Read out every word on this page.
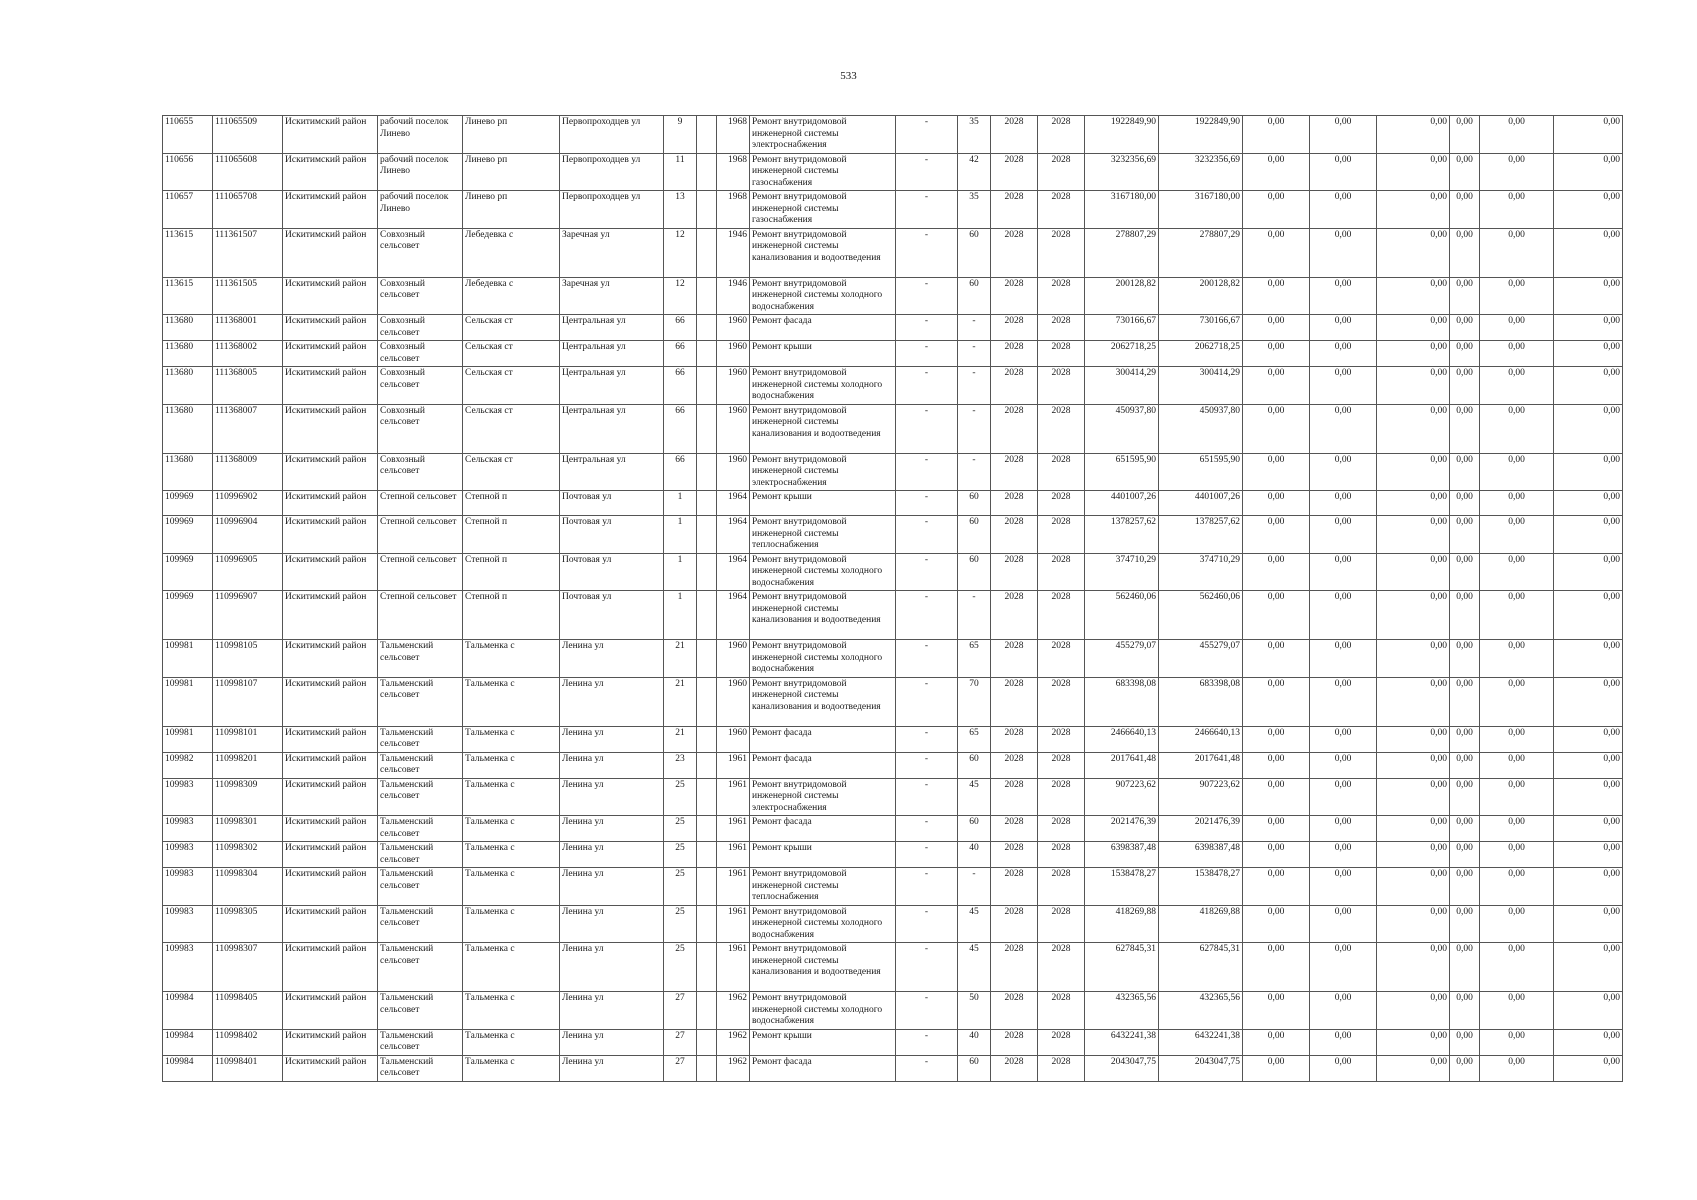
533
110655	111065509	Искитимский район	рабочий поселок Линево	Линево рп	Первопроходцев ул	9		1968	Ремонт внутридомовой инженерной системы электроснабжения	-	35	2028	2028	1922849,90	1922849,90	0,00	0,00	0,00	0,00	0,00	0,00
110656	111065608	Искитимский район	рабочий поселок Линево	Линево рп	Первопроходцев ул	11		1968	Ремонт внутридомовой инженерной системы газоснабжения	-	42	2028	2028	3232356,69	3232356,69	0,00	0,00	0,00	0,00	0,00	0,00
110657	111065708	Искитимский район	рабочий поселок Линево	Линево рп	Первопроходцев ул	13		1968	Ремонт внутридомовой инженерной системы газоснабжения	-	35	2028	2028	3167180,00	3167180,00	0,00	0,00	0,00	0,00	0,00	0,00
113615	111361507	Искитимский район	Совхозный сельсовет	Лебедевка с	Заречная ул	12		1946	Ремонт внутридомовой инженерной системы канализования и водоотведения	-	60	2028	2028	278807,29	278807,29	0,00	0,00	0,00	0,00	0,00	0,00
113615	111361505	Искитимский район	Совхозный сельсовет	Лебедевка с	Заречная ул	12		1946	Ремонт внутридомовой инженерной системы холодного водоснабжения	-	60	2028	2028	200128,82	200128,82	0,00	0,00	0,00	0,00	0,00	0,00
113680	111368001	Искитимский район	Совхозный сельсовет	Сельская ст	Центральная ул	66		1960	Ремонт фасада	-	-	2028	2028	730166,67	730166,67	0,00	0,00	0,00	0,00	0,00	0,00
113680	111368002	Искитимский район	Совхозный сельсовет	Сельская ст	Центральная ул	66		1960	Ремонт крыши	-	-	2028	2028	2062718,25	2062718,25	0,00	0,00	0,00	0,00	0,00	0,00
113680	111368005	Искитимский район	Совхозный сельсовет	Сельская ст	Центральная ул	66		1960	Ремонт внутридомовой инженерной системы холодного водоснабжения	-	-	2028	2028	300414,29	300414,29	0,00	0,00	0,00	0,00	0,00	0,00
113680	111368007	Искитимский район	Совхозный сельсовет	Сельская ст	Центральная ул	66		1960	Ремонт внутридомовой инженерной системы канализования и водоотведения	-	-	2028	2028	450937,80	450937,80	0,00	0,00	0,00	0,00	0,00	0,00
113680	111368009	Искитимский район	Совхозный сельсовет	Сельская ст	Центральная ул	66		1960	Ремонт внутридомовой инженерной системы электроснабжения	-	-	2028	2028	651595,90	651595,90	0,00	0,00	0,00	0,00	0,00	0,00
109969	110996902	Искитимский район	Степной сельсовет	Степной п	Почтовая ул	1		1964	Ремонт крыши	-	60	2028	2028	4401007,26	4401007,26	0,00	0,00	0,00	0,00	0,00	0,00
109969	110996904	Искитимский район	Степной сельсовет	Степной п	Почтовая ул	1		1964	Ремонт внутридомовой инженерной системы теплоснабжения	-	60	2028	2028	1378257,62	1378257,62	0,00	0,00	0,00	0,00	0,00	0,00
109969	110996905	Искитимский район	Степной сельсовет	Степной п	Почтовая ул	1		1964	Ремонт внутридомовой инженерной системы холодного водоснабжения	-	60	2028	2028	374710,29	374710,29	0,00	0,00	0,00	0,00	0,00	0,00
109969	110996907	Искитимский район	Степной сельсовет	Степной п	Почтовая ул	1		1964	Ремонт внутридомовой инженерной системы канализования и водоотведения	-	-	2028	2028	562460,06	562460,06	0,00	0,00	0,00	0,00	0,00	0,00
109981	110998105	Искитимский район	Тальменский сельсовет	Тальменка с	Ленина ул	21		1960	Ремонт внутридомовой инженерной системы холодного водоснабжения	-	65	2028	2028	455279,07	455279,07	0,00	0,00	0,00	0,00	0,00	0,00
109981	110998107	Искитимский район	Тальменский сельсовет	Тальменка с	Ленина ул	21		1960	Ремонт внутридомовой инженерной системы канализования и водоотведения	-	70	2028	2028	683398,08	683398,08	0,00	0,00	0,00	0,00	0,00	0,00
109981	110998101	Искитимский район	Тальменский сельсовет	Тальменка с	Ленина ул	21		1960	Ремонт фасада	-	65	2028	2028	2466640,13	2466640,13	0,00	0,00	0,00	0,00	0,00	0,00
109982	110998201	Искитимский район	Тальменский сельсовет	Тальменка с	Ленина ул	23		1961	Ремонт фасада	-	60	2028	2028	2017641,48	2017641,48	0,00	0,00	0,00	0,00	0,00	0,00
109983	110998309	Искитимский район	Тальменский сельсовет	Тальменка с	Ленина ул	25		1961	Ремонт внутридомовой инженерной системы электроснабжения	-	45	2028	2028	907223,62	907223,62	0,00	0,00	0,00	0,00	0,00	0,00
109983	110998301	Искитимский район	Тальменский сельсовет	Тальменка с	Ленина ул	25		1961	Ремонт фасада	-	60	2028	2028	2021476,39	2021476,39	0,00	0,00	0,00	0,00	0,00	0,00
109983	110998302	Искитимский район	Тальменский сельсовет	Тальменка с	Ленина ул	25		1961	Ремонт крыши	-	40	2028	2028	6398387,48	6398387,48	0,00	0,00	0,00	0,00	0,00	0,00
109983	110998304	Искитимский район	Тальменский сельсовет	Тальменка с	Ленина ул	25		1961	Ремонт внутридомовой инженерной системы теплоснабжения	-	-	2028	2028	1538478,27	1538478,27	0,00	0,00	0,00	0,00	0,00	0,00
109983	110998305	Искитимский район	Тальменский сельсовет	Тальменка с	Ленина ул	25		1961	Ремонт внутридомовой инженерной системы холодного водоснабжения	-	45	2028	2028	418269,88	418269,88	0,00	0,00	0,00	0,00	0,00	0,00
109983	110998307	Искитимский район	Тальменский сельсовет	Тальменка с	Ленина ул	25		1961	Ремонт внутридомовой инженерной системы канализования и водоотведения	-	45	2028	2028	627845,31	627845,31	0,00	0,00	0,00	0,00	0,00	0,00
109984	110998405	Искитимский район	Тальменский сельсовет	Тальменка с	Ленина ул	27		1962	Ремонт внутридомовой инженерной системы холодного водоснабжения	-	50	2028	2028	432365,56	432365,56	0,00	0,00	0,00	0,00	0,00	0,00
109984	110998402	Искитимский район	Тальменский сельсовет	Тальменка с	Ленина ул	27		1962	Ремонт крыши	-	40	2028	2028	6432241,38	6432241,38	0,00	0,00	0,00	0,00	0,00	0,00
109984	110998401	Искитимский район	Тальменский сельсовет	Тальменка с	Ленина ул	27		1962	Ремонт фасада	-	60	2028	2028	2043047,75	2043047,75	0,00	0,00	0,00	0,00	0,00	0,00
